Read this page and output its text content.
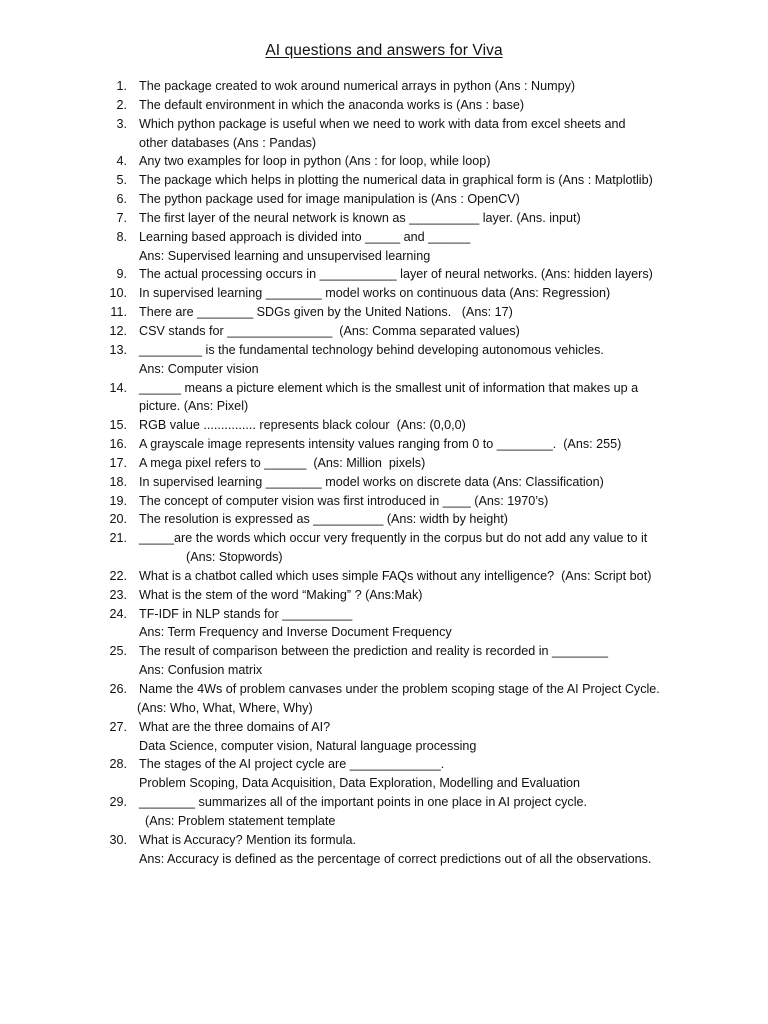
AI questions and answers for Viva
1. The package created to wok around numerical arrays in python (Ans : Numpy)
2. The default environment in which the anaconda works is (Ans : base)
3. Which python package is useful when we need to work with data from excel sheets and
other databases (Ans : Pandas)
4. Any two examples for loop in python (Ans : for loop, while loop)
5. The package which helps in plotting the numerical data in graphical form is (Ans : Matplotlib)
6. The python package used for image manipulation is (Ans : OpenCV)
7. The first layer of the neural network is known as __________ layer. (Ans. input)
8. Learning based approach is divided into _____ and ______
Ans: Supervised learning and unsupervised learning
9. The actual processing occurs in ___________ layer of neural networks. (Ans: hidden layers)
10. In supervised learning ________ model works on continuous data (Ans: Regression)
11. There are ________ SDGs given by the United Nations.   (Ans: 17)
12. CSV stands for _______________  (Ans: Comma separated values)
13. _________ is the fundamental technology behind developing autonomous vehicles.
Ans: Computer vision
14. ______ means a picture element which is the smallest unit of information that makes up a
picture. (Ans: Pixel)
15. RGB value ............... represents black colour  (Ans: (0,0,0)
16. A grayscale image represents intensity values ranging from 0 to ________.  (Ans: 255)
17. A mega pixel refers to ______  (Ans: Million  pixels)
18. In supervised learning ________ model works on discrete data (Ans: Classification)
19. The concept of computer vision was first introduced in ____ (Ans: 1970’s)
20. The resolution is expressed as __________ (Ans: width by height)
21. _____are the words which occur very frequently in the corpus but do not add any value to it
(Ans: Stopwords)
22. What is a chatbot called which uses simple FAQs without any intelligence?  (Ans: Script bot)
23. What is the stem of the word “Making” ? (Ans:Mak)
24. TF-IDF in NLP stands for __________
Ans: Term Frequency and Inverse Document Frequency
25. The result of comparison between the prediction and reality is recorded in ________
Ans: Confusion matrix
26. Name the 4Ws of problem canvases under the problem scoping stage of the AI Project Cycle.
(Ans: Who, What, Where, Why)
27. What are the three domains of AI?
Data Science, computer vision, Natural language processing
28. The stages of the AI project cycle are _____________.
Problem Scoping, Data Acquisition, Data Exploration, Modelling and Evaluation
29. ________ summarizes all of the important points in one place in AI project cycle.
(Ans: Problem statement template
30. What is Accuracy? Mention its formula.
Ans: Accuracy is defined as the percentage of correct predictions out of all the observations.
